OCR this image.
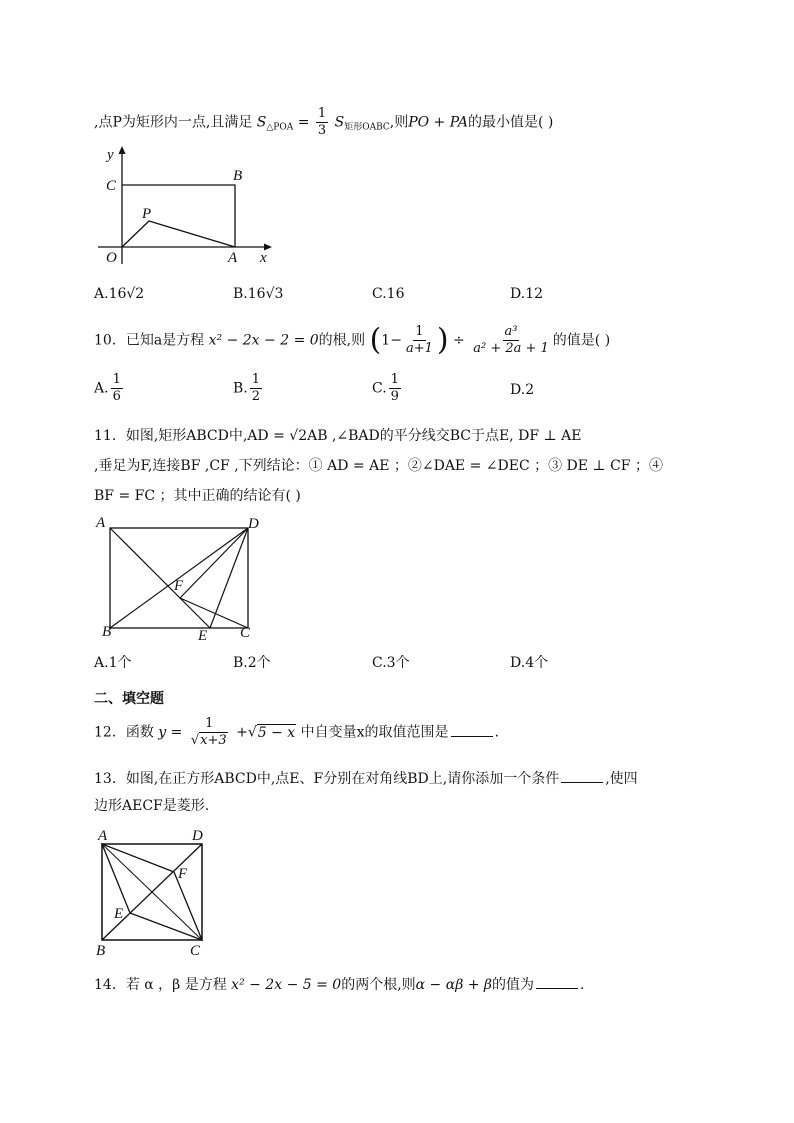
,点P为矩形内一点,且满足 $S_{\triangle POA} = \frac{1}{3} S_{矩形OABC}$,则PO + PA的最小值是( )
y
C
B
P
O	A x
A.16√2	B.16√3	C.16	D.12
10．已知a是方程 x² − 2x − 2 = 0的根,则 ($1- \frac{1}{a+1}$ ) ÷ $\frac{\text{a³}}{\text{a² + 2a + 1}}$ 的值是( )
A. $\frac{1}{6}$	B. $\frac{1}{2}$	C. $\frac{1}{9}$	D.2
11．如图,矩形ABCD中,AD = √2AB ,∠BAD的平分线交BC于点E, DF ⊥ AE
,垂足为F,连接BF ,CF ,下列结论：① AD = AE ；②∠DAE = ∠DEC ；③ DE ⊥ CF ；④
BF = FC ；其中正确的结论有( )
A	D
F
B	E C
A.1个	B.2个	C.3个	D.4个
二、填空题
12．函数 $y = \frac{1}{√x+3} +√5 - x$ 中自变量x的取值范围是	.
13．如图,在正方形ABCD中,点E、F分别在对角线BD上,请你添加一个条件	,使四
边形AECF是菱形.
A	D
F
E
B	C
14．若 α ，β 是方程 x² − 2x − 5 = 0的两个根,则α − αβ + β的值为	.
